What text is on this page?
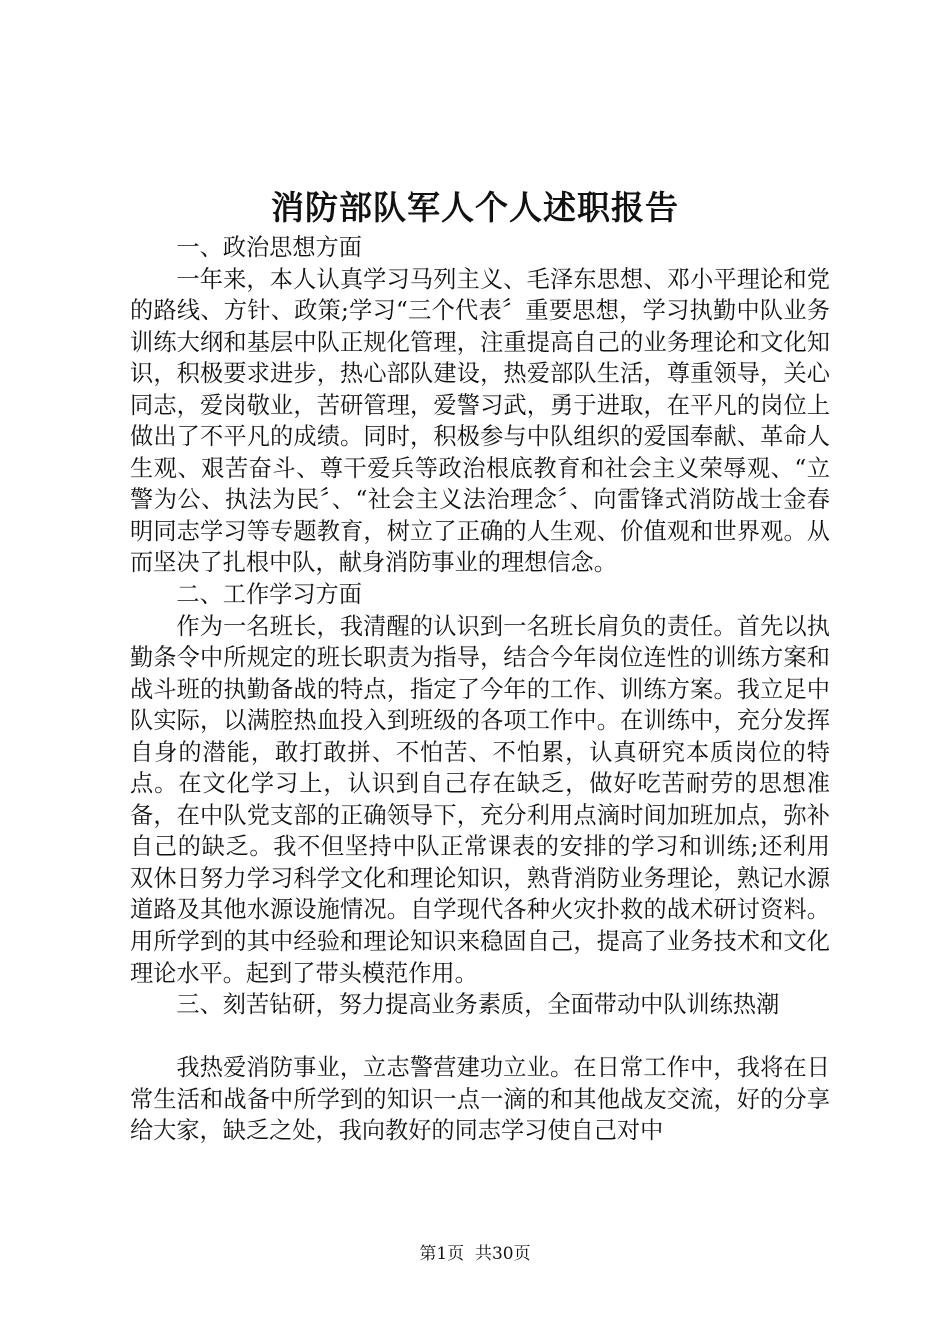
消防部队军人个人述职报告

一、政治思想方面

一年来，本人认真学习马列主义、毛泽东思想、邓小平理论和党的路线、方针、政策;学习“三个代表〞重要思想，学习执勤中队业务训练大纲和基层中队正规化管理，注重提高自己的业务理论和文化知识，积极要求进步，热心部队建设，热爱部队生活，尊重领导，关心同志，爱岗敬业，苦研管理，爱警习武，勇于进取，在平凡的岗位上做出了不平凡的成绩。同时，积极参与中队组织的爱国奉献、革命人生观、艰苦奋斗、尊干爱兵等政治根底教育和社会主义荣辱观、“立警为公、执法为民〞、“社会主义法治理念〞、向雷锋式消防战士金春明同志学习等专题教育，树立了正确的人生观、价值观和世界观。从而坚决了扎根中队，献身消防事业的理想信念。

二、工作学习方面

作为一名班长，我清醒的认识到一名班长肩负的责任。首先以执勤条令中所规定的班长职责为指导，结合今年岗位连性的训练方案和战斗班的执勤备战的特点，指定了今年的工作、训练方案。我立足中队实际，以满腔热血投入到班级的各项工作中。在训练中，充分发挥自身的潜能，敢打敢拼、不怕苦、不怕累，认真研究本质岗位的特点。在文化学习上，认识到自己存在缺乏，做好吃苦耐劳的思想准备，在中队党支部的正确领导下，充分利用点滴时间加班加点，弥补自己的缺乏。我不但坚持中队正常课表的安排的学习和训练;还利用双休日努力学习科学文化和理论知识，熟背消防业务理论，熟记水源道路及其他水源设施情况。自学现代各种火灾扑救的战术研讨资料。用所学到的其中经验和理论知识来稳固自己，提高了业务技术和文化理论水平。起到了带头模范作用。

三、刻苦钻研，努力提高业务素质，全面带动中队训练热潮

我热爱消防事业，立志警营建功立业。在日常工作中，我将在日常生活和战备中所学到的知识一点一滴的和其他战友交流，好的分享给大家，缺乏之处，我向教好的同志学习使自己对中

第1页  共30页
